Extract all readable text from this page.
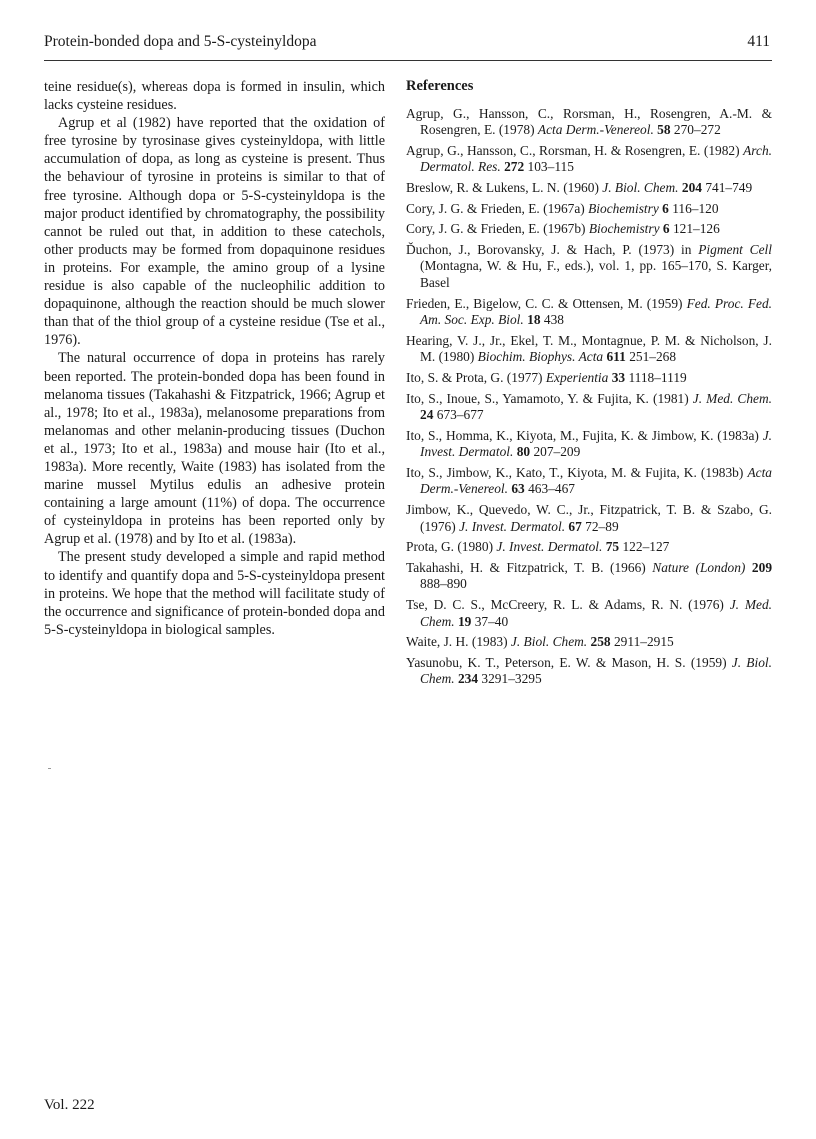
Protein-bonded dopa and 5-S-cysteinyldopa	411

teine residue(s), whereas dopa is formed in insulin, which lacks cysteine residues.

Agrup et al (1982) have reported that the oxidation of free tyrosine by tyrosinase gives cysteinyldopa, with little accumulation of dopa, as long as cysteine is present. Thus the behaviour of tyrosine in proteins is similar to that of free tyrosine. Although dopa or 5-S-cysteinyldopa is the major product identified by chromatography, the possibility cannot be ruled out that, in addition to these catechols, other products may be formed from dopaquinone residues in proteins. For example, the amino group of a lysine residue is also capable of the nucleophilic addition to dopaquinone, although the reaction should be much slower than that of the thiol group of a cysteine residue (Tse et al., 1976).

The natural occurrence of dopa in proteins has rarely been reported. The protein-bonded dopa has been found in melanoma tissues (Takahashi & Fitzpatrick, 1966; Agrup et al., 1978; Ito et al., 1983a), melanosome preparations from melanomas and other melanin-producing tissues (Duchon et al., 1973; Ito et al., 1983a) and mouse hair (Ito et al., 1983a). More recently, Waite (1983) has isolated from the marine mussel Mytilus edulis an adhesive protein containing a large amount (11%) of dopa. The occurrence of cysteinyldopa in proteins has been reported only by Agrup et al. (1978) and by Ito et al. (1983a).

The present study developed a simple and rapid method to identify and quantify dopa and 5-S-cysteinyldopa present in proteins. We hope that the method will facilitate study of the occurrence and significance of protein-bonded dopa and 5-S-cysteinyldopa in biological samples.

References

Agrup, G., Hansson, C., Rorsman, H., Rosengren, A.-M. & Rosengren, E. (1978) Acta Derm.-Venereol. 58 270–272

Agrup, G., Hansson, C., Rorsman, H. & Rosengren, E. (1982) Arch. Dermatol. Res. 272 103–115

Breslow, R. & Lukens, L. N. (1960) J. Biol. Chem. 204 741–749

Cory, J. G. & Frieden, E. (1967a) Biochemistry 6 116–120

Cory, J. G. & Frieden, E. (1967b) Biochemistry 6 121–126

Ďuchon, J., Borovansky, J. & Hach, P. (1973) in Pigment Cell (Montagna, W. & Hu, F., eds.), vol. 1, pp. 165–170, S. Karger, Basel

Frieden, E., Bigelow, C. C. & Ottensen, M. (1959) Fed. Proc. Fed. Am. Soc. Exp. Biol. 18 438

Hearing, V. J., Jr., Ekel, T. M., Montagnue, P. M. & Nicholson, J. M. (1980) Biochim. Biophys. Acta 611 251–268

Ito, S. & Prota, G. (1977) Experientia 33 1118–1119

Ito, S., Inoue, S., Yamamoto, Y. & Fujita, K. (1981) J. Med. Chem. 24 673–677

Ito, S., Homma, K., Kiyota, M., Fujita, K. & Jimbow, K. (1983a) J. Invest. Dermatol. 80 207–209

Ito, S., Jimbow, K., Kato, T., Kiyota, M. & Fujita, K. (1983b) Acta Derm.-Venereol. 63 463–467

Jimbow, K., Quevedo, W. C., Jr., Fitzpatrick, T. B. & Szabo, G. (1976) J. Invest. Dermatol. 67 72–89

Prota, G. (1980) J. Invest. Dermatol. 75 122–127

Takahashi, H. & Fitzpatrick, T. B. (1966) Nature (London) 209 888–890

Tse, D. C. S., McCreery, R. L. & Adams, R. N. (1976) J. Med. Chem. 19 37–40

Waite, J. H. (1983) J. Biol. Chem. 258 2911–2915

Yasunobu, K. T., Peterson, E. W. & Mason, H. S. (1959) J. Biol. Chem. 234 3291–3295

Vol. 222
